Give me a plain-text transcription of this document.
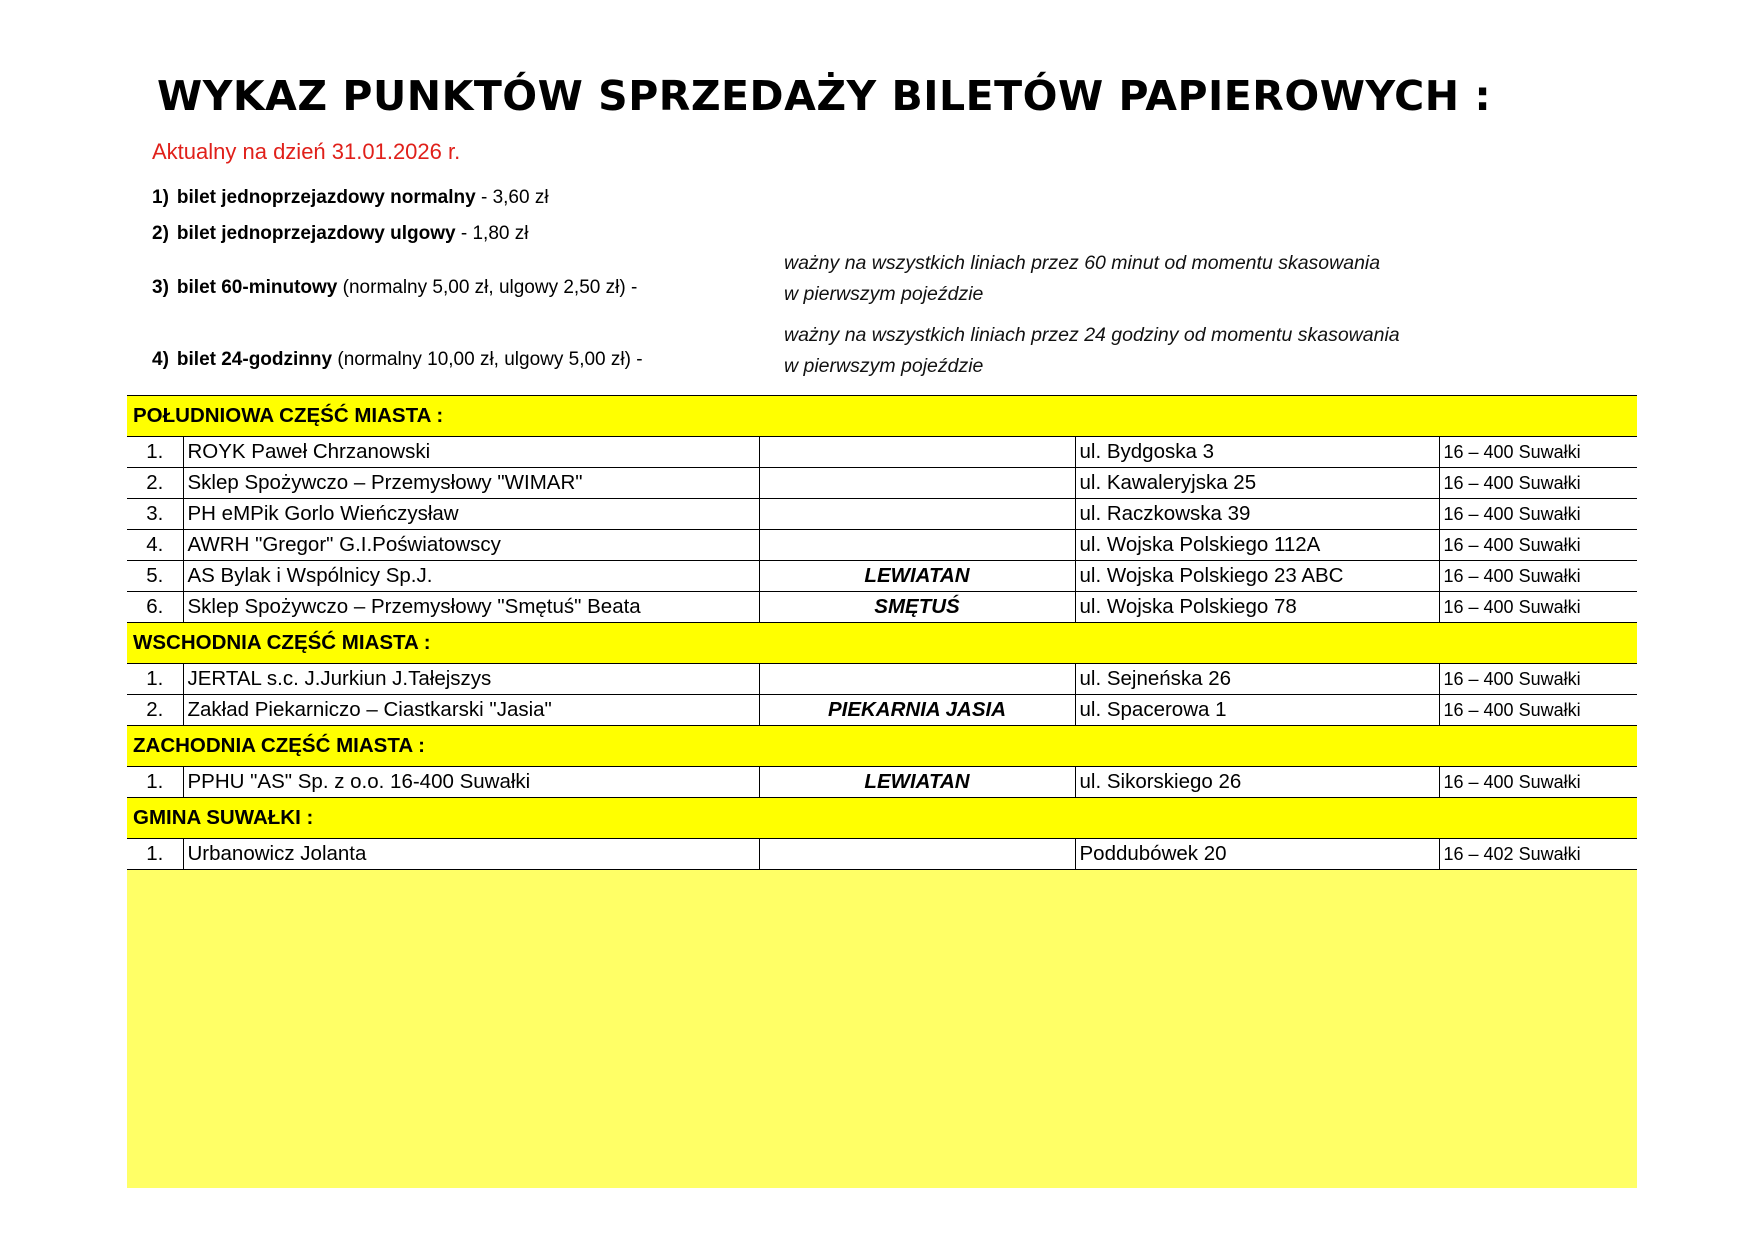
WYKAZ PUNKTÓW SPRZEDAŻY BILETÓW PAPIEROWYCH :
Aktualny na dzień 31.01.2026 r.
1) bilet jednoprzejazdowy normalny - 3,60 zł
2) bilet jednoprzejazdowy ulgowy - 1,80 zł
3) bilet 60-minutowy (normalny 5,00 zł, ulgowy 2,50 zł) -
ważny na wszystkich liniach przez 60 minut od momentu skasowania
w pierwszym pojeździe
4) bilet 24-godzinny (normalny 10,00 zł, ulgowy 5,00 zł) -
ważny na wszystkich liniach przez 24 godziny od momentu skasowania
w pierwszym pojeździe
POŁUDNIOWA CZĘŚĆ MIASTA :				
1.	ROYK Paweł Chrzanowski		ul. Bydgoska 3	16 – 400 Suwałki
2.	Sklep Spożywczo – Przemysłowy "WIMAR"		ul. Kawaleryjska 25	16 – 400 Suwałki
3.	PH eMPik Gorlo Wieńczysław		ul. Raczkowska 39	16 – 400 Suwałki
4.	AWRH "Gregor" G.I.Poświatowscy		ul. Wojska Polskiego 112A	16 – 400 Suwałki
5.	AS Bylak i Wspólnicy Sp.J.	LEWIATAN	ul. Wojska Polskiego 23 ABC	16 – 400 Suwałki
6.	Sklep Spożywczo – Przemysłowy "Smętuś" Beata	SMĘTUŚ	ul. Wojska Polskiego 78	16 – 400 Suwałki
WSCHODNIA CZĘŚĆ MIASTA :				
1.	JERTAL s.c. J.Jurkiun J.Tałejszys		ul. Sejneńska 26	16 – 400 Suwałki
2.	Zakład Piekarniczo – Ciastkarski "Jasia"	PIEKARNIA JASIA	ul. Spacerowa 1	16 – 400 Suwałki
ZACHODNIA CZĘŚĆ MIASTA :				
1.	PPHU "AS" Sp. z o.o. 16-400 Suwałki	LEWIATAN	ul. Sikorskiego 26	16 – 400 Suwałki
GMINA SUWAŁKI :				
1.	Urbanowicz Jolanta		Poddubówek 20	16 – 402 Suwałki
